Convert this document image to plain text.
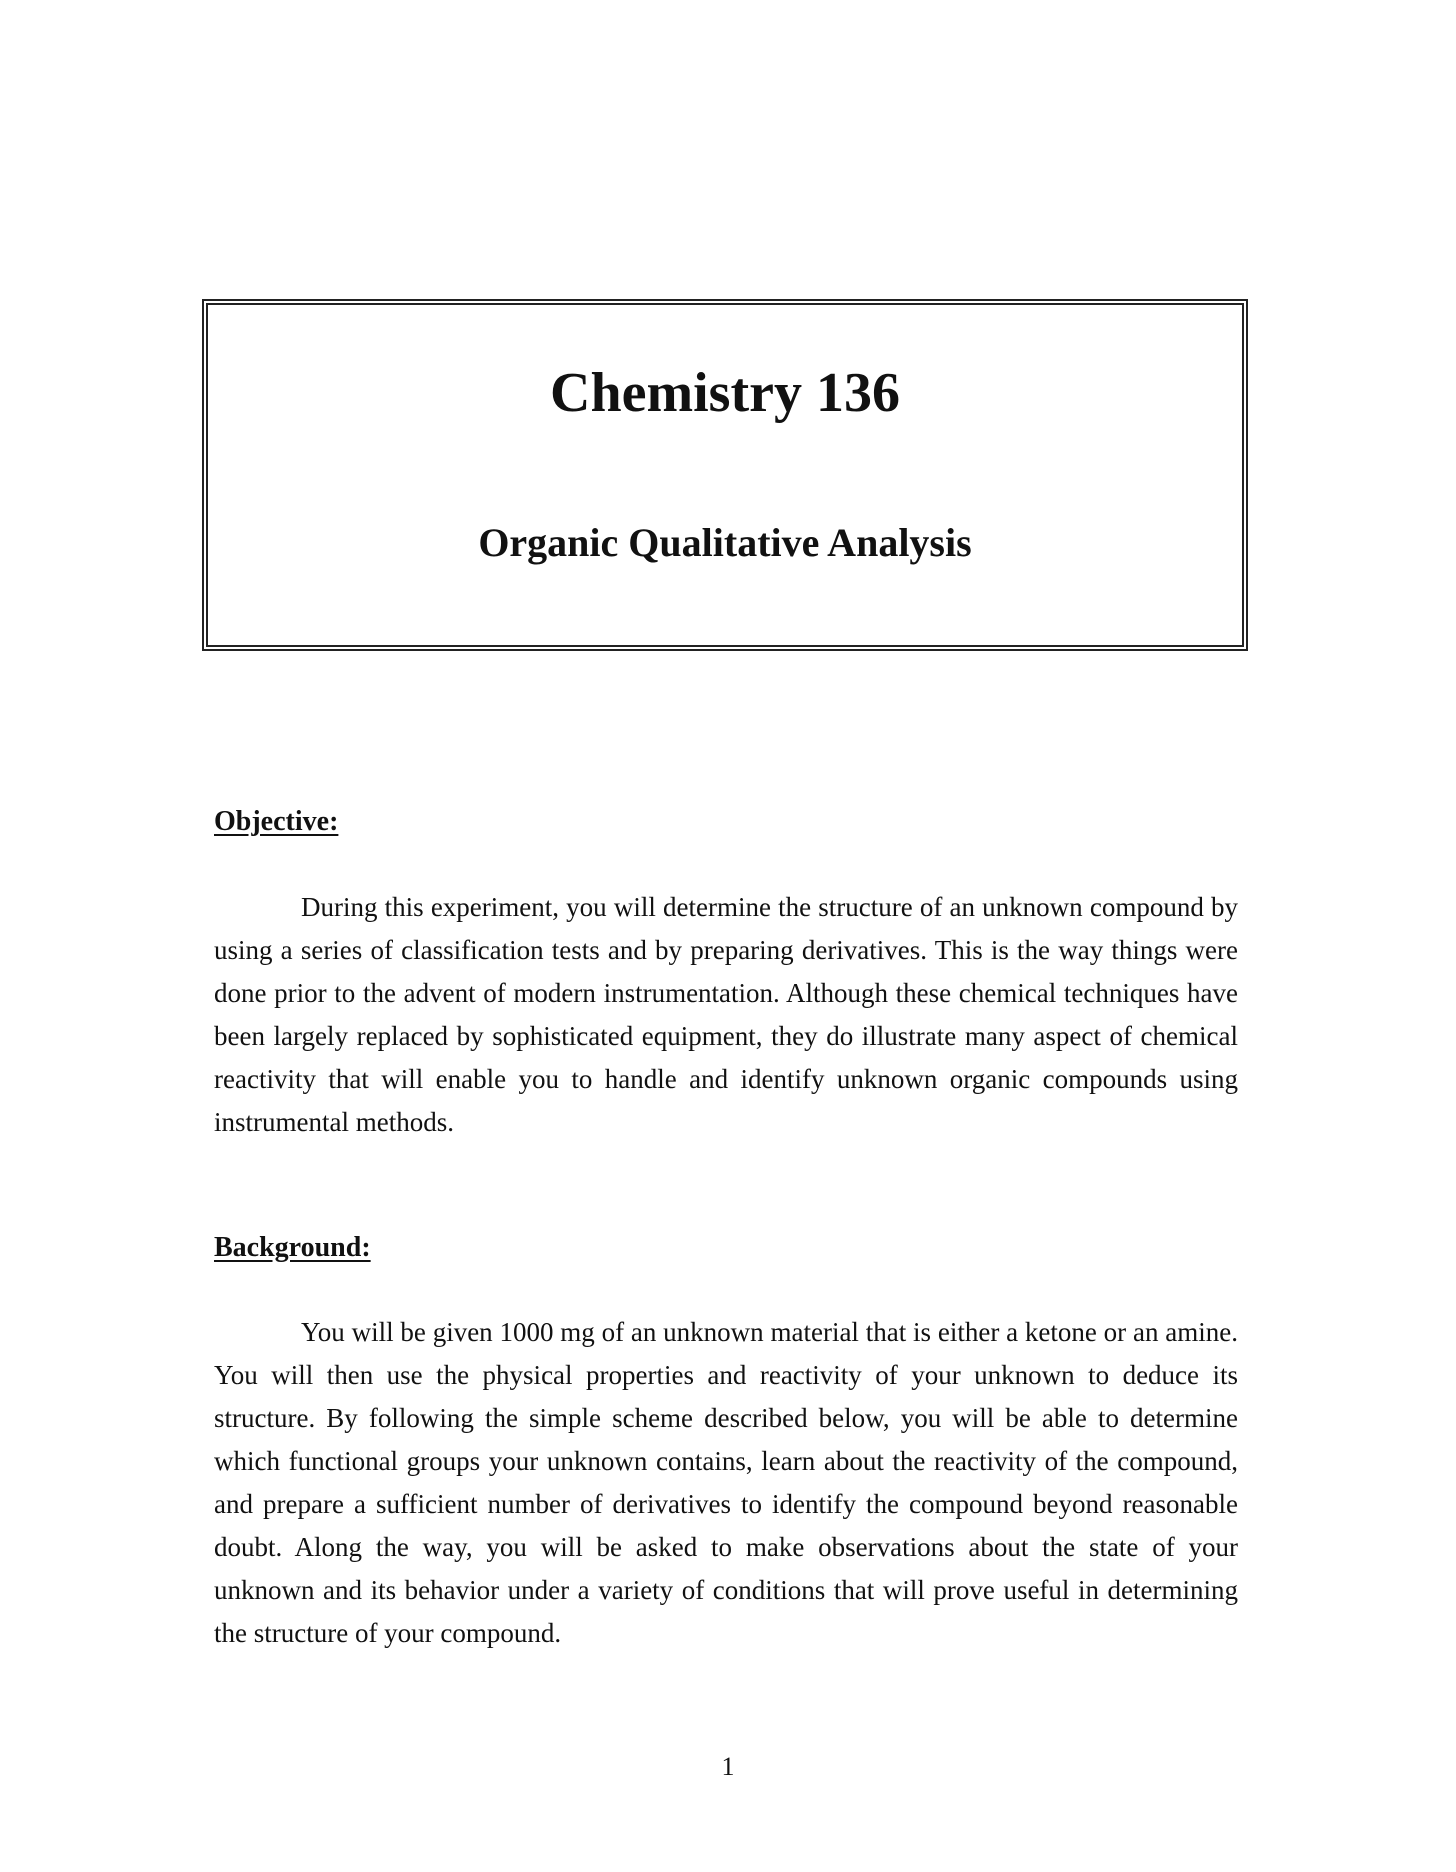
Chemistry 136
Organic Qualitative Analysis
Objective:

During this experiment, you will determine the structure of an unknown compound by using a series of classification tests and by preparing derivatives. This is the way things were done prior to the advent of modern instrumentation. Although these chemical techniques have been largely replaced by sophisticated equipment, they do illustrate many aspect of chemical reactivity that will enable you to handle and identify unknown organic compounds using instrumental methods.

Background:

You will be given 1000 mg of an unknown material that is either a ketone or an amine. You will then use the physical properties and reactivity of your unknown to deduce its structure. By following the simple scheme described below, you will be able to determine which functional groups your unknown contains, learn about the reactivity of the compound, and prepare a sufficient number of derivatives to identify the compound beyond reasonable doubt. Along the way, you will be asked to make observations about the state of your unknown and its behavior under a variety of conditions that will prove useful in determining the structure of your compound.

1
